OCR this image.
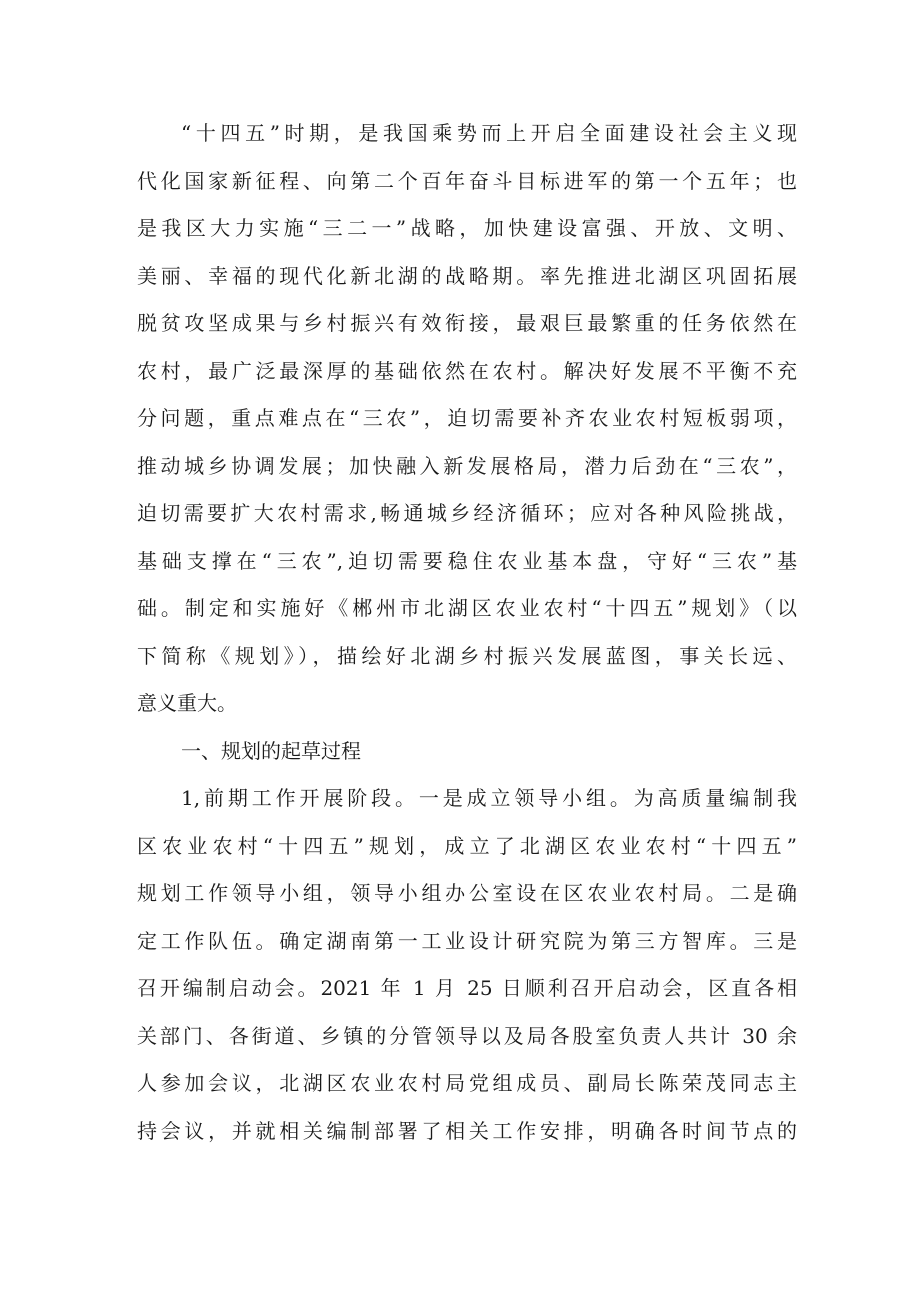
“十四五”时期，是我国乘势而上开启全面建设社会主义现
代化国家新征程、向第二个百年奋斗目标进军的第一个五年；也
是我区大力实施“三二一”战略，加快建设富强、开放、文明、
美丽、幸福的现代化新北湖的战略期。率先推进北湖区巩固拓展
脱贫攻坚成果与乡村振兴有效衔接，最艰巨最繁重的任务依然在
农村，最广泛最深厚的基础依然在农村。解决好发展不平衡不充
分问题，重点难点在“三农”，迫切需要补齐农业农村短板弱项，
推动城乡协调发展；加快融入新发展格局，潜力后劲在“三农”，
迫切需要扩大农村需求,畅通城乡经济循环；应对各种风险挑战，
基础支撑在“三农”,迫切需要稳住农业基本盘，守好“三农”基
础。制定和实施好《郴州市北湖区农业农村“十四五”规划》（以
下简称《规划》），描绘好北湖乡村振兴发展蓝图，事关长远、
意义重大。
一、规划的起草过程
1,前期工作开展阶段。一是成立领导小组。为高质量编制我
区农业农村“十四五”规划，成立了北湖区农业农村“十四五”
规划工作领导小组，领导小组办公室设在区农业农村局。二是确
定工作队伍。确定湖南第一工业设计研究院为第三方智库。三是
召开编制启动会。2021 年 1 月 25 日顺利召开启动会，区直各相
关部门、各街道、乡镇的分管领导以及局各股室负责人共计 30 余
人参加会议，北湖区农业农村局党组成员、副局长陈荣茂同志主
持会议，并就相关编制部署了相关工作安排，明确各时间节点的
